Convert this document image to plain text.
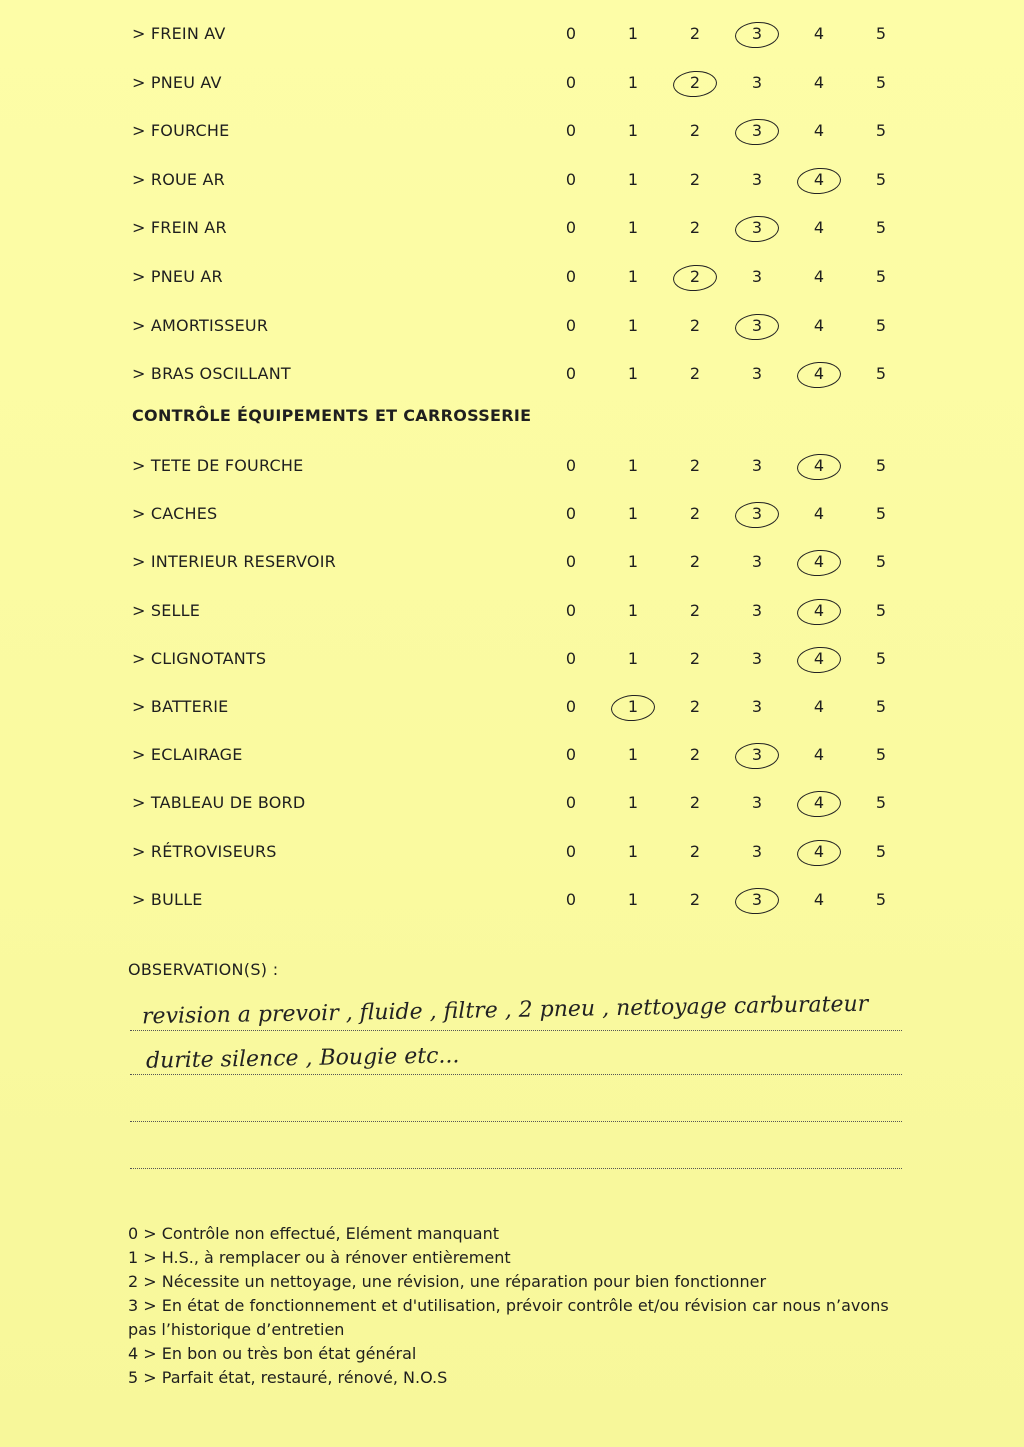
> FREIN AV	0	1	2	3	4	5
> PNEU AV	0	1	2	3	4	5
> FOURCHE	0	1	2	3	4	5
> ROUE AR	0	1	2	3	4	5
> FREIN AR	0	1	2	3	4	5
> PNEU AR	0	1	2	3	4	5
> AMORTISSEUR	0	1	2	3	4	5
> BRAS OSCILLANT	0	1	2	3	4	5
CONTRÔLE ÉQUIPEMENTS ET CARROSSERIE
> TETE DE FOURCHE	0	1	2	3	4	5
> CACHES	0	1	2	3	4	5
> INTERIEUR RESERVOIR	0	1	2	3	4	5
> SELLE	0	1	2	3	4	5
> CLIGNOTANTS	0	1	2	3	4	5
> BATTERIE	0	1	2	3	4	5
> ECLAIRAGE	0	1	2	3	4	5
> TABLEAU DE BORD	0	1	2	3	4	5
> RÉTROVISEURS	0	1	2	3	4	5
> BULLE	0	1	2	3	4	5
OBSERVATION(S) :
revision a prevoir , fluide , filtre , 2 pneu , nettoyage carburateur
durite silence , Bougie etc...
0 > Contrôle non effectué, Elément manquant
1 > H.S., à remplacer ou à rénover entièrement
2 > Nécessite un nettoyage, une révision, une réparation pour bien fonctionner
3 > En état de fonctionnement et d'utilisation, prévoir contrôle et/ou révision car nous n’avons pas l’historique d’entretien
4 > En bon ou très bon état général
5 > Parfait état, restauré, rénové, N.O.S
